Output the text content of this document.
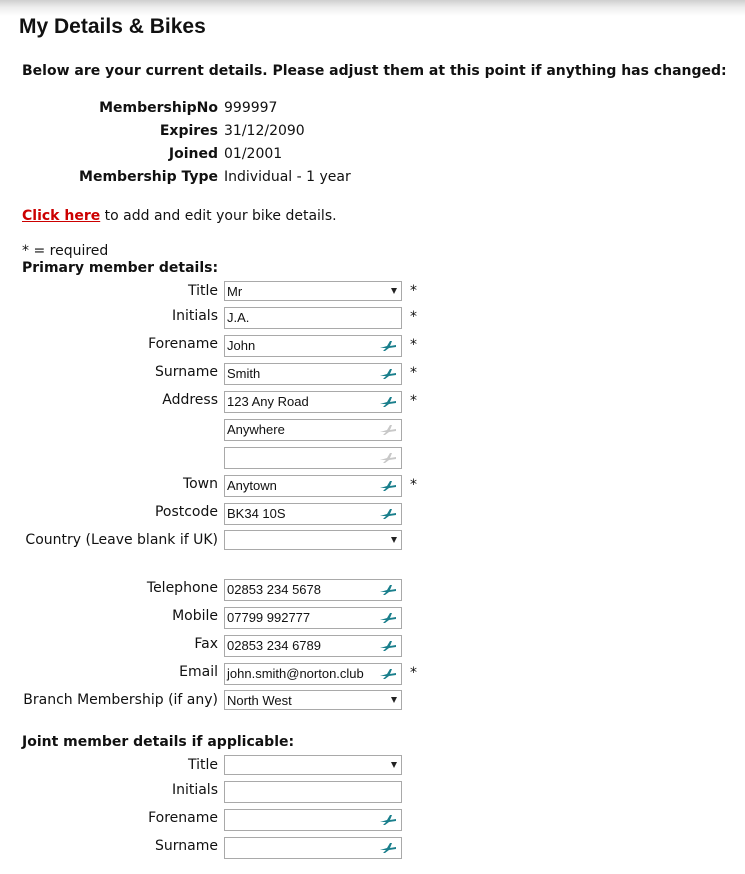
My Details & Bikes
Below are your current details. Please adjust them at this point if anything has changed:
MembershipNo 999997
Expires 31/12/2090
Joined 01/2001
Membership Type Individual - 1 year
Click here to add and edit your bike details.
* = required
Primary member details:
Title Mr	*
Initials J.A.	*
Forename John	*
Surname Smith	*
Address 123 Any Road	*
Anywhere
Town Anytown	*
Postcode BK34 10S
Country (Leave blank if UK)
Telephone 02853 234 5678
Mobile 07799 992777
Fax 02853 234 6789
Email john.smith@norton.club	*
Branch Membership (if any) North West
Joint member details if applicable:
Title
Initials
Forename
Surname
